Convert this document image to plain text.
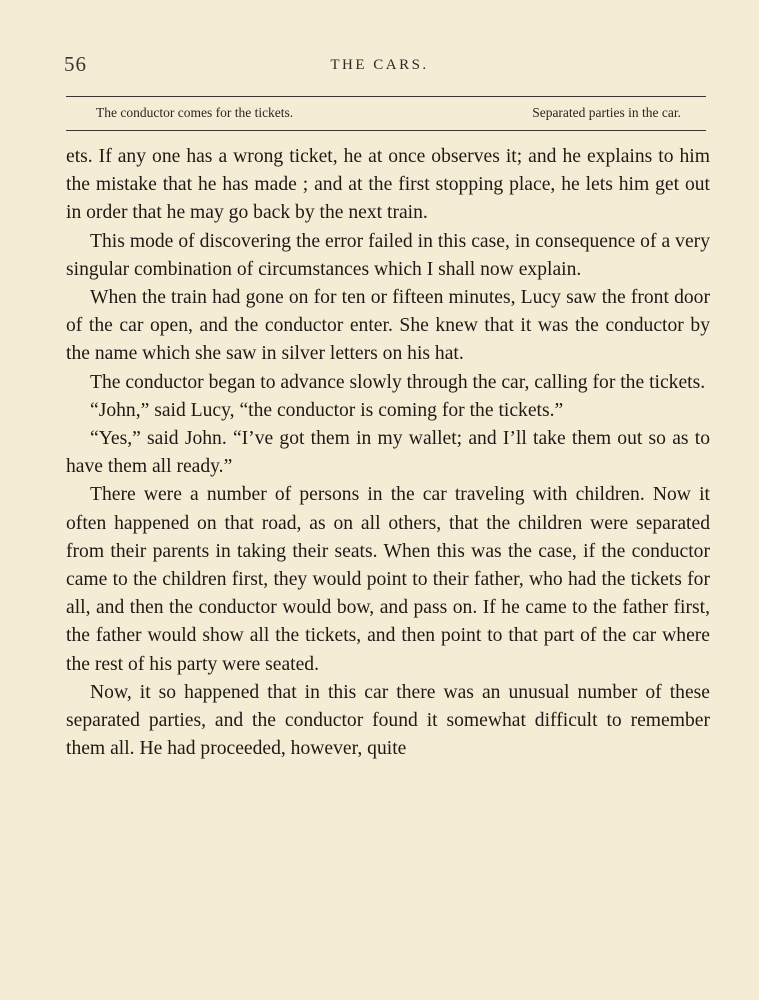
56	THE CARS.
The conductor comes for the tickets.	Separated parties in the car.

ets. If any one has a wrong ticket, he at once observes it; and he explains to him the mistake that he has made ; and at the first stopping place, he lets him get out in order that he may go back by the next train.

This mode of discovering the error failed in this case, in consequence of a very singular combination of circumstances which I shall now explain.

When the train had gone on for ten or fifteen minutes, Lucy saw the front door of the car open, and the conductor enter. She knew that it was the conductor by the name which she saw in silver letters on his hat.

The conductor began to advance slowly through the car, calling for the tickets.

“John,” said Lucy, “the conductor is coming for the tickets.”

“Yes,” said John. “I’ve got them in my wallet; and I’ll take them out so as to have them all ready.”

There were a number of persons in the car traveling with children. Now it often happened on that road, as on all others, that the children were separated from their parents in taking their seats. When this was the case, if the conductor came to the children first, they would point to their father, who had the tickets for all, and then the conductor would bow, and pass on. If he came to the father first, the father would show all the tickets, and then point to that part of the car where the rest of his party were seated.

Now, it so happened that in this car there was an unusual number of these separated parties, and the conductor found it somewhat difficult to remember them all. He had proceeded, however, quite
